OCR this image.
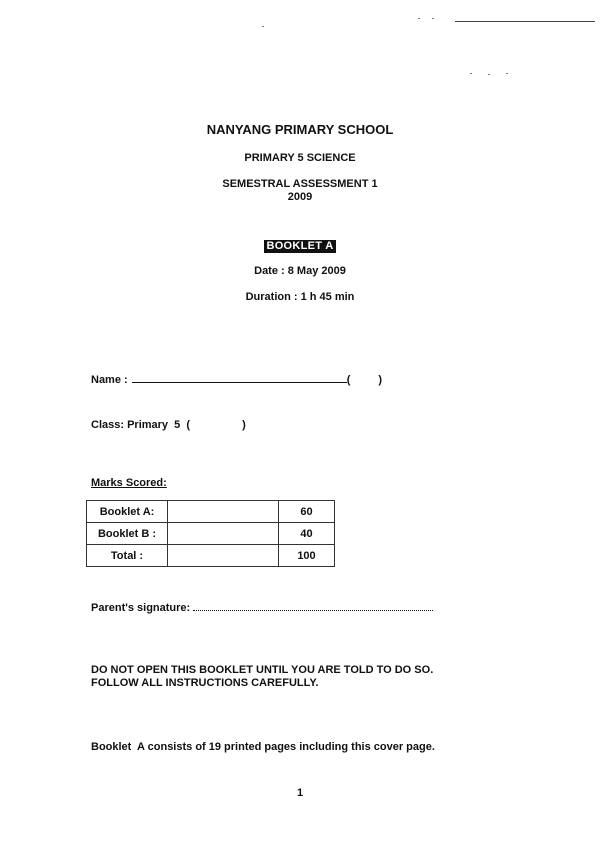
NANYANG PRIMARY SCHOOL
PRIMARY 5 SCIENCE
SEMESTRAL ASSESSMENT 1
2009
BOOKLET A
Date : 8 May 2009
Duration : 1 h 45 min
Name :	(	)
Class: Primary 5 (	)
Marks Scored:
Booklet A:		60
Booklet B :		40
Total :		100
Parent's signature:
DO NOT OPEN THIS BOOKLET UNTIL YOU ARE TOLD TO DO SO.
FOLLOW ALL INSTRUCTIONS CAREFULLY.
Booklet  A consists of 19 printed pages including this cover page.
1
